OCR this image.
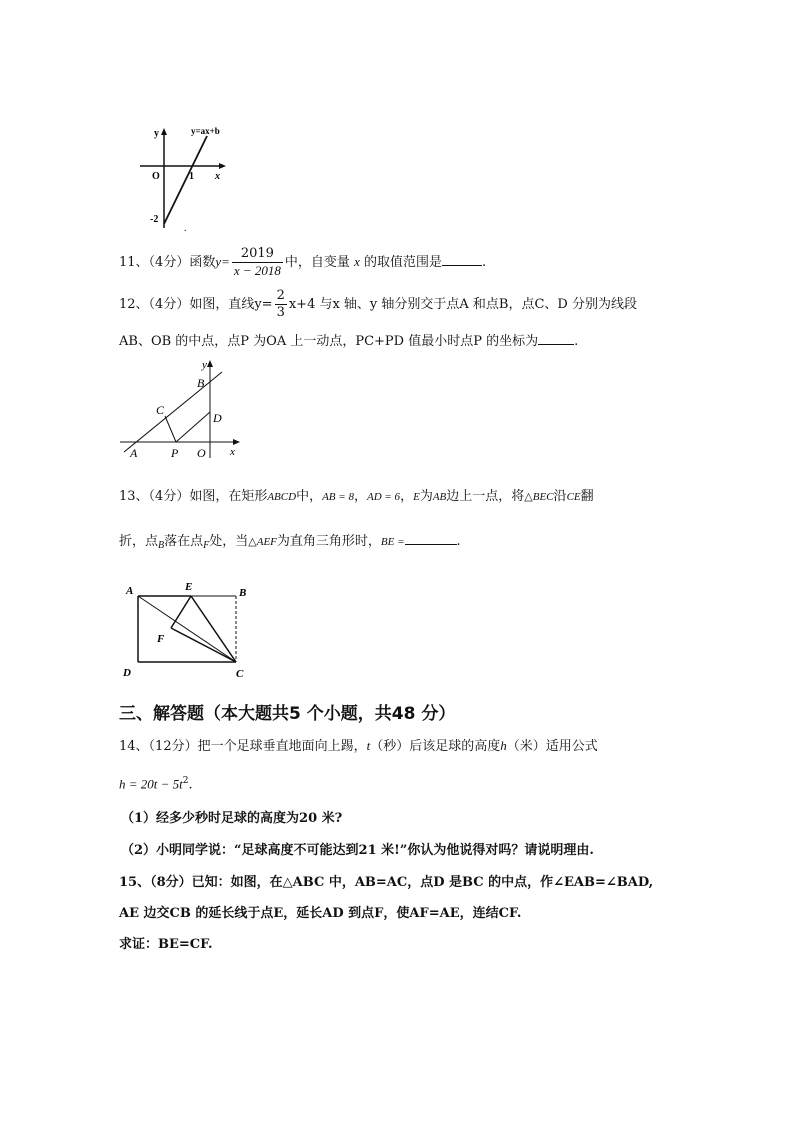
y	y=ax+b
O	1 x
-2
.
11、（4分）函数$y= \frac{2019}{x - 2018}$ 中，自变量 x 的取值范围是	.
12、（4分）如图，直线$y= \frac{2}{3} x+4$ 与x 轴、y 轴分别交于点A 和点B，点C、D 分别为线段
AB、OB 的中点，点P 为OA 上一动点，PC+PD 值最小时点P 的坐标为	.
y
B
C
D
A	P O x
13、（4分）如图，在矩形ABCD中，AB = 8，AD = 6，E为AB边上一点，将△BEC沿CE翻
折，点$_B$落在点$_F$处，当△AEF为直角三角形时，BE =	.
A	E	B
F
D	C
三、解答题（本大题共5 个小题，共48 分）
14、（12分）把一个足球垂直地面向上踢，t（秒）后该足球的高度h（米）适用公式
$h = 20t - 5t^2$.
（1）经多少秒时足球的高度为20 米?
（2）小明同学说：“足球高度不可能达到21 米!”你认为他说得对吗？请说明理由.
15、（8分）已知：如图，在△ABC 中，AB=AC，点D 是BC 的中点，作∠EAB=∠BAD,
AE 边交CB 的延长线于点E，延长AD 到点F，使AF=AE，连结CF.
求证：BE=CF.
